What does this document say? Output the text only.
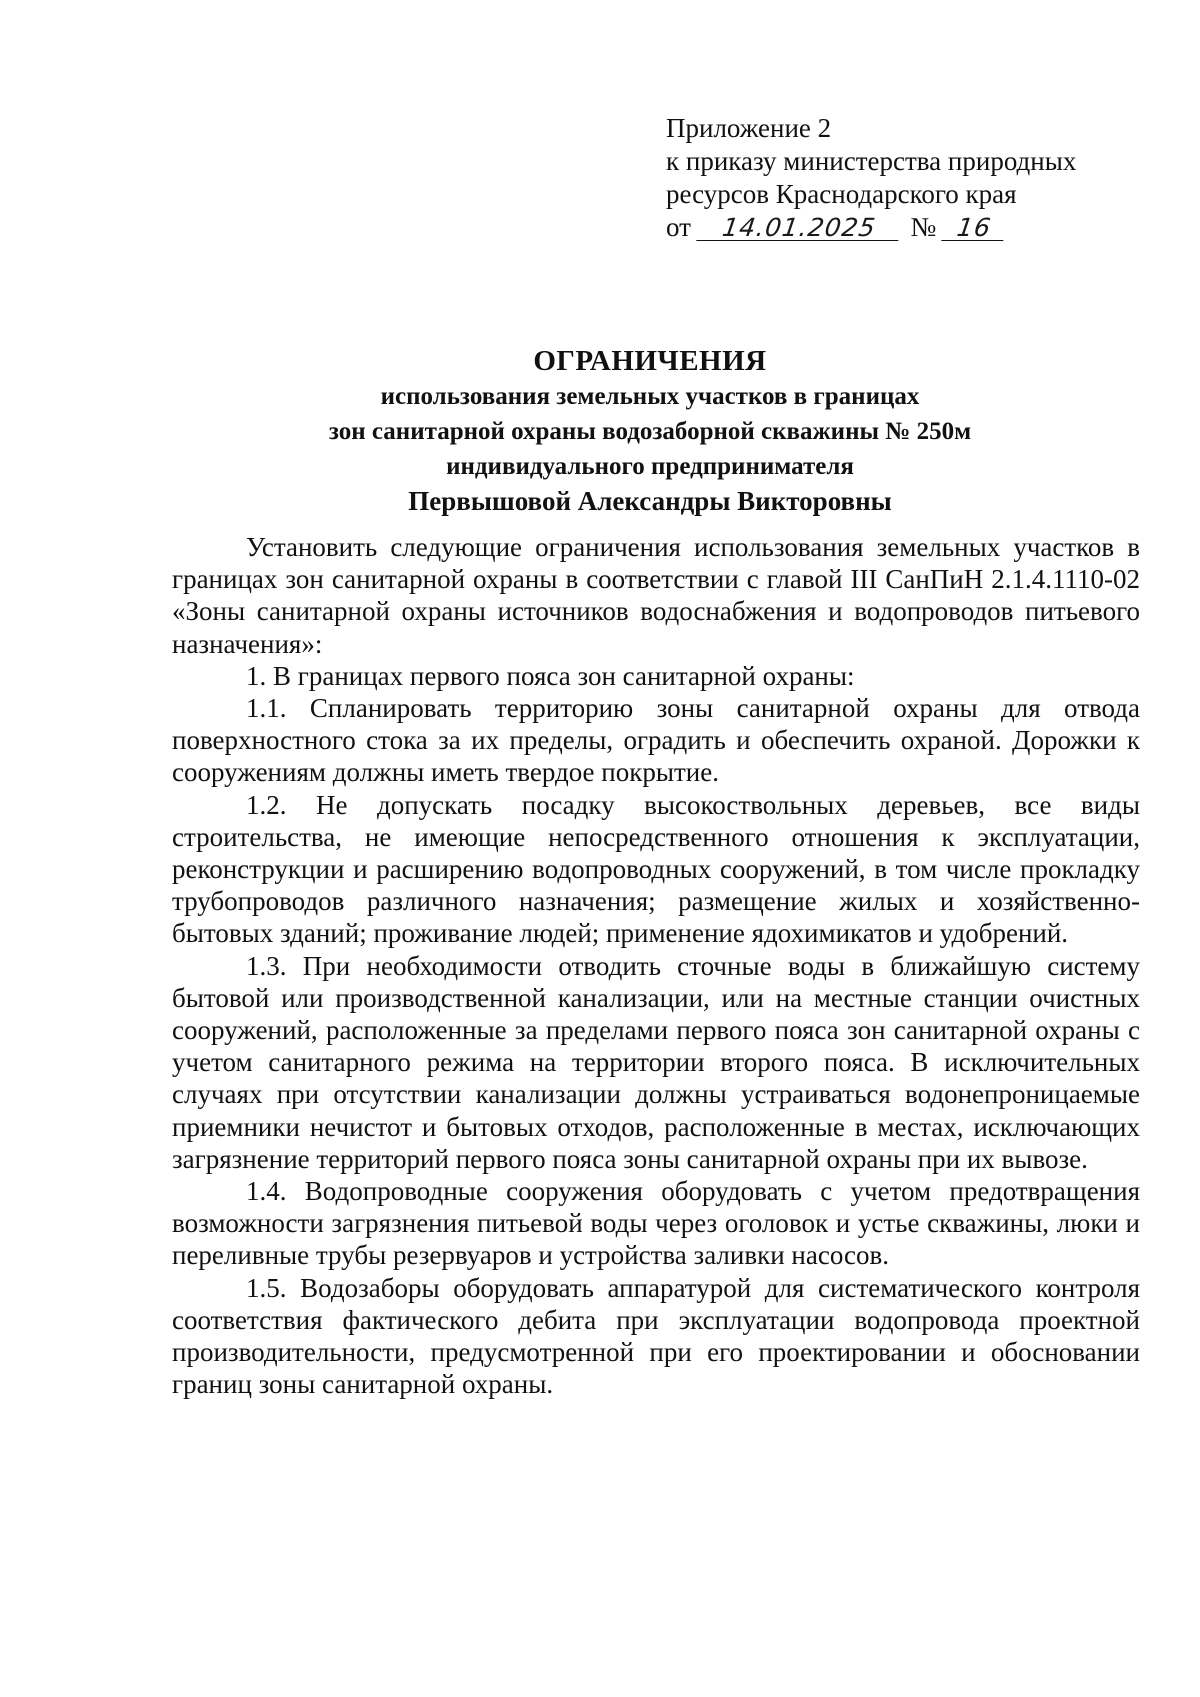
Приложение 2
к приказу министерства природных
ресурсов Краснодарского края
от 14.01.2025 № 16
ОГРАНИЧЕНИЯ
использования земельных участков в границах
зон санитарной охраны водозаборной скважины № 250м
индивидуального предпринимателя
Первышовой Александры Викторовны

Установить следующие ограничения использования земельных участков в границах зон санитарной охраны в соответствии с главой III СанПиН 2.1.4.1110-02 «Зоны санитарной охраны источников водоснабжения и водопроводов питьевого назначения»:

1. В границах первого пояса зон санитарной охраны:

1.1. Спланировать территорию зоны санитарной охраны для отвода поверхностного стока за их пределы, оградить и обеспечить охраной. Дорожки к сооружениям должны иметь твердое покрытие.

1.2. Не допускать посадку высокоствольных деревьев, все виды строительства, не имеющие непосредственного отношения к эксплуатации, реконструкции и расширению водопроводных сооружений, в том числе прокладку трубопроводов различного назначения; размещение жилых и хозяйственно-бытовых зданий; проживание людей; применение ядохимикатов и удобрений.

1.3. При необходимости отводить сточные воды в ближайшую систему бытовой или производственной канализации, или на местные станции очистных сооружений, расположенные за пределами первого пояса зон санитарной охраны с учетом санитарного режима на территории второго пояса. В исключительных случаях при отсутствии канализации должны устраиваться водонепроницаемые приемники нечистот и бытовых отходов, расположенные в местах, исключающих загрязнение территорий первого пояса зоны санитарной охраны при их вывозе.

1.4. Водопроводные сооружения оборудовать с учетом предотвращения возможности загрязнения питьевой воды через оголовок и устье скважины, люки и переливные трубы резервуаров и устройства заливки насосов.

1.5. Водозаборы оборудовать аппаратурой для систематического контроля соответствия фактического дебита при эксплуатации водопровода проектной производительности, предусмотренной при его проектировании и обосновании границ зоны санитарной охраны.
